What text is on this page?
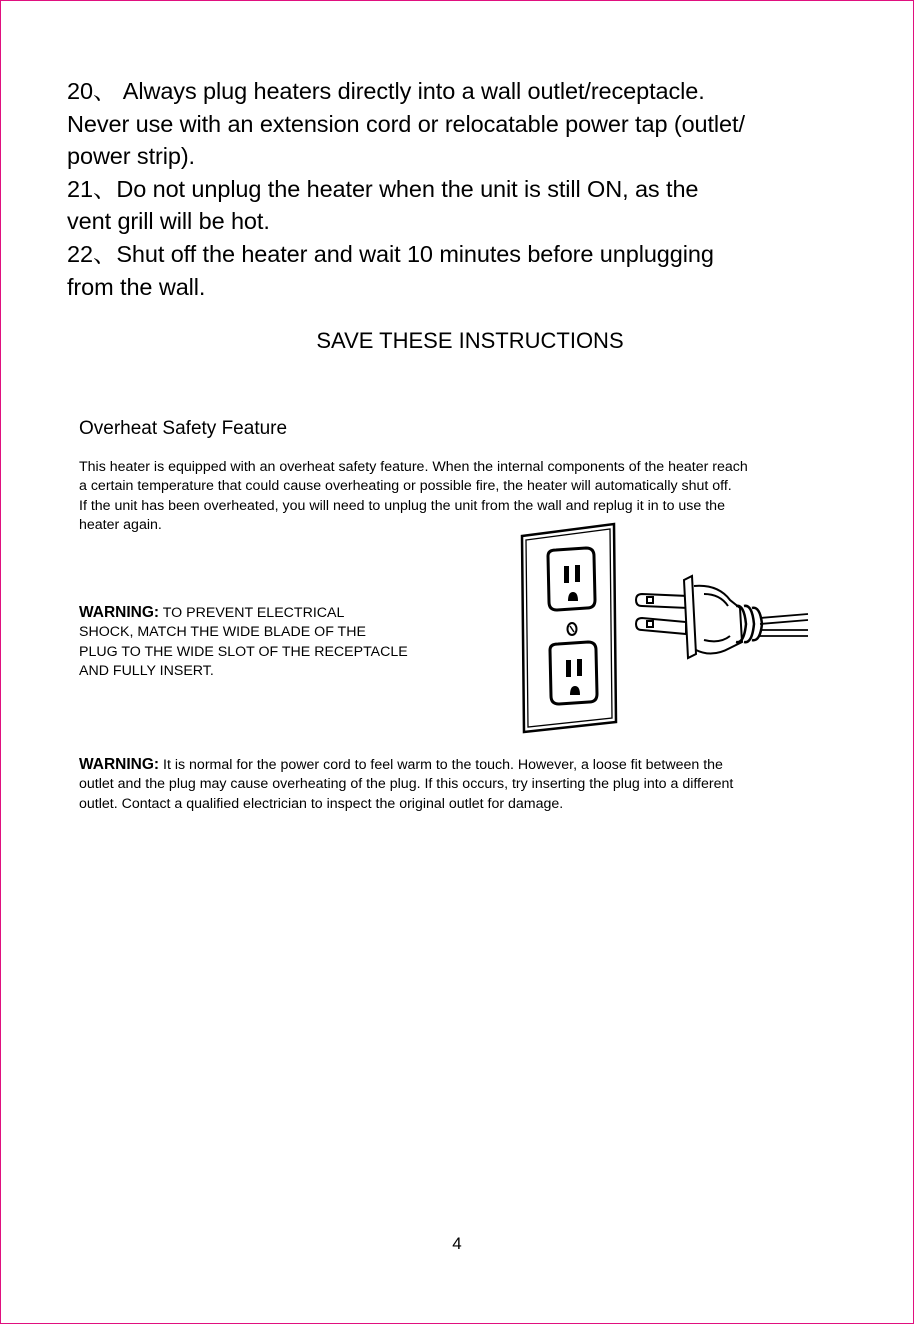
20、 Always plug heaters directly into a wall outlet/receptacle.
Never use with an extension cord or relocatable power tap (outlet/
power strip).

21、Do not unplug the heater when the unit is still ON, as the
vent grill will be hot.

22、Shut off the heater and wait 10 minutes before unplugging
from the wall.

SAVE THESE INSTRUCTIONS
Overheat Safety Feature

This heater is equipped with an overheat safety feature. When the internal components of the heater reach
a certain temperature that could cause overheating or possible fire, the heater will automatically shut off.
If the unit has been overheated, you will need to unplug the unit from the wall and replug it in to use the
heater again.

WARNING: TO PREVENT ELECTRICAL
SHOCK, MATCH THE WIDE BLADE OF THE
PLUG TO THE WIDE SLOT OF THE RECEPTACLE
AND FULLY INSERT.

WARNING: It is normal for the power cord to feel warm to the touch. However, a loose fit between the
outlet and the plug may cause overheating of the plug. If this occurs, try inserting the plug into a different
outlet. Contact a qualified electrician to inspect the original outlet for damage.

4
